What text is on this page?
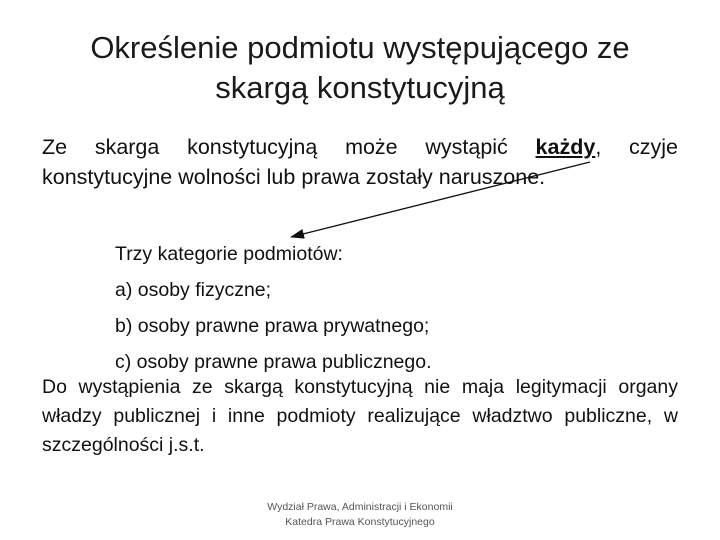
Określenie podmiotu występującego ze
skargą konstytucyjną
Ze skarga konstytucyjną może wystąpić każdy, czyje konstytucyjne wolności lub prawa zostały naruszone.
Trzy kategorie podmiotów:
a) osoby fizyczne;
b) osoby prawne prawa prywatnego;
c) osoby prawne prawa publicznego.
Do wystąpienia ze skargą konstytucyjną nie maja legitymacji organy władzy publicznej i inne podmioty realizujące władztwo publiczne, w szczególności j.s.t.
Wydział Prawa, Administracji i Ekonomii
Katedra Prawa Konstytucyjnego
